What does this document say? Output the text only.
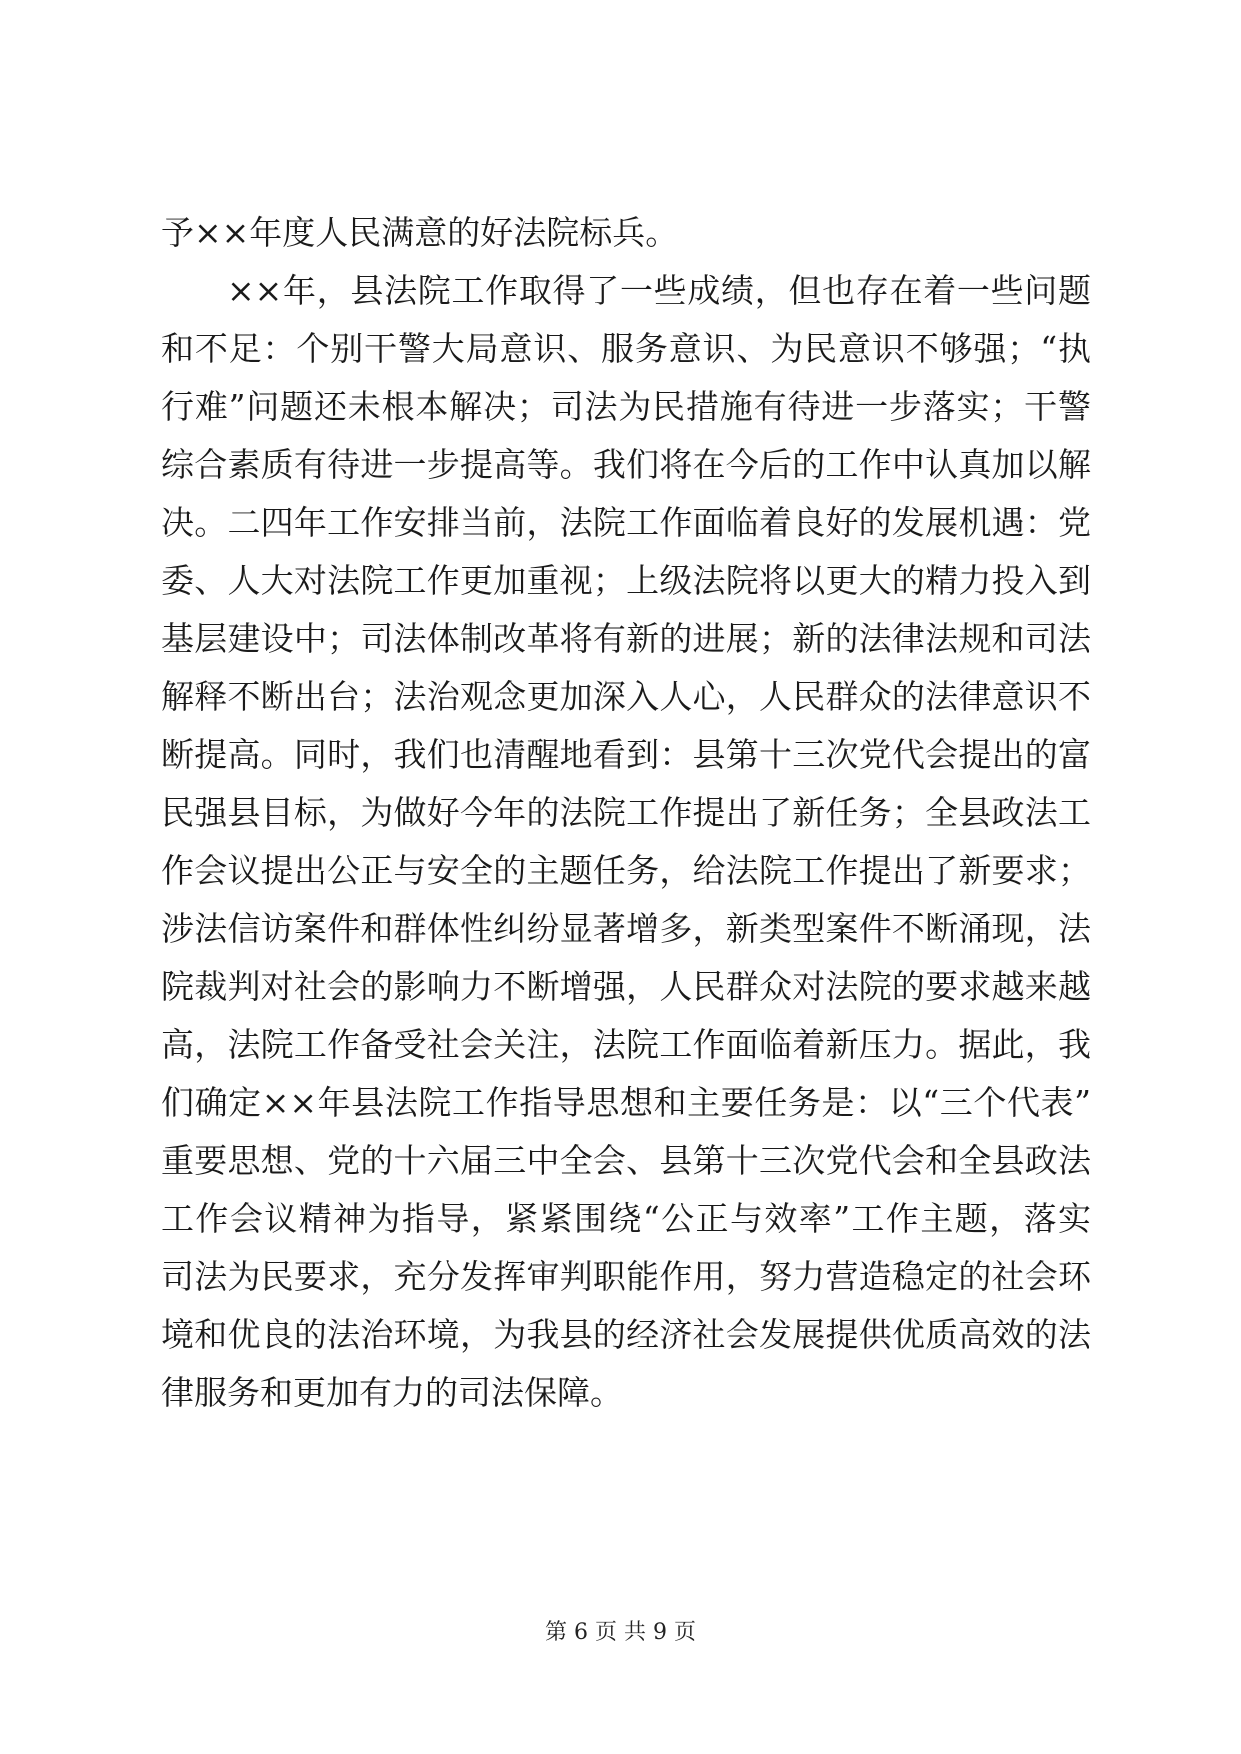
予××年度人民满意的好法院标兵。
××年，县法院工作取得了一些成绩，但也存在着一些问题
和不足：个别干警大局意识、服务意识、为民意识不够强；“执
行难”问题还未根本解决；司法为民措施有待进一步落实；干警
综合素质有待进一步提高等。我们将在今后的工作中认真加以解
决。二四年工作安排当前，法院工作面临着良好的发展机遇：党
委、人大对法院工作更加重视；上级法院将以更大的精力投入到
基层建设中；司法体制改革将有新的进展；新的法律法规和司法
解释不断出台；法治观念更加深入人心，人民群众的法律意识不
断提高。同时，我们也清醒地看到：县第十三次党代会提出的富
民强县目标，为做好今年的法院工作提出了新任务；全县政法工
作会议提出公正与安全的主题任务，给法院工作提出了新要求；
涉法信访案件和群体性纠纷显著增多，新类型案件不断涌现，法
院裁判对社会的影响力不断增强，人民群众对法院的要求越来越
高，法院工作备受社会关注，法院工作面临着新压力。据此，我
们确定××年县法院工作指导思想和主要任务是：以“三个代表”
重要思想、党的十六届三中全会、县第十三次党代会和全县政法
工作会议精神为指导，紧紧围绕“公正与效率”工作主题，落实
司法为民要求，充分发挥审判职能作用，努力营造稳定的社会环
境和优良的法治环境，为我县的经济社会发展提供优质高效的法
律服务和更加有力的司法保障。
第 6 页 共 9 页
